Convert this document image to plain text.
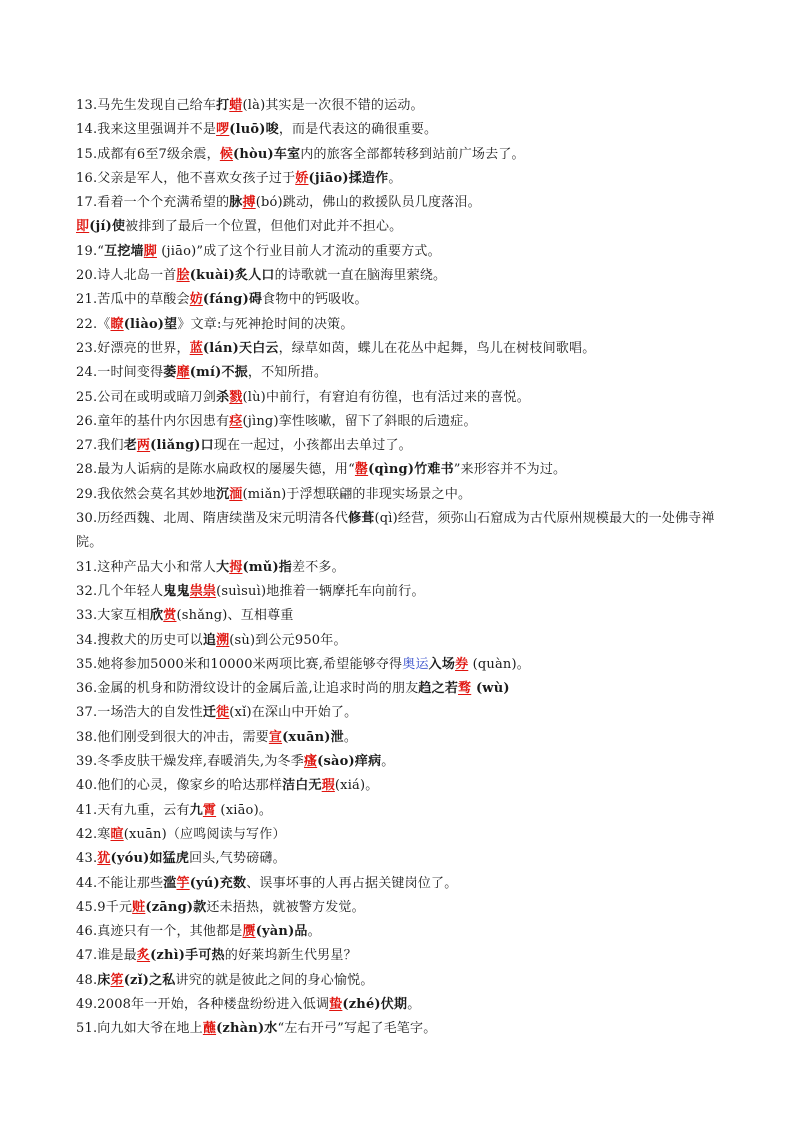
13.马先生发现自己给车打蜡(là)其实是一次很不错的运动。
14.我来这里强调并不是啰(luō)唆，而是代表这的确很重要。
15.成都有6至7级余震，候(hòu)车室内的旅客全部都转移到站前广场去了。
16.父亲是军人，他不喜欢女孩子过于娇(jiāo)揉造作。
17.看着一个个充满希望的脉搏(bó)跳动，佛山的救援队员几度落泪。
即(jí)使被排到了最后一个位置，但他们对此并不担心。
19.“互挖墙脚 (jiāo)”成了这个行业目前人才流动的重要方式。
20.诗人北岛一首脍(kuài)炙人口的诗歌就一直在脑海里萦绕。
21.苦瓜中的草酸会妨(fáng)碍食物中的钙吸收。
22.《瞭(liào)望》文章:与死神抢时间的决策。
23.好漂亮的世界，蓝(lán)天白云，绿草如茵，蝶儿在花丛中起舞，鸟儿在树枝间歌唱。
24.一时间变得萎靡(mí)不振，不知所措。
25.公司在或明或暗刀剑杀戮(lù)中前行，有窘迫有彷徨，也有活过来的喜悦。
26.童年的基什内尔因患有痉(jìng)挛性咳嗽，留下了斜眼的后遗症。
27.我们老两(liǎng)口现在一起过，小孩都出去单过了。
28.最为人诟病的是陈水扁政权的屡屡失德，用“罄(qìng)竹难书”来形容并不为过。
29.我依然会莫名其妙地沉湎(miǎn)于浮想联翩的非现实场景之中。
30.历经西魏、北周、隋唐续凿及宋元明清各代修葺(qì)经营，须弥山石窟成为古代原州规模最大的一处佛寺禅院。
31.这种产品大小和常人大拇(mǔ)指差不多。
32.几个年轻人鬼鬼祟祟(suìsuì)地推着一辆摩托车向前行。
33.大家互相欣赏(shǎng)、互相尊重
34.搜救犬的历史可以追溯(sù)到公元950年。
35.她将参加5000米和10000米两项比赛,希望能够夺得奥运入场券 (quàn)。
36.金属的机身和防滑纹设计的金属后盖,让追求时尚的朋友趋之若骛 (wù)
37.一场浩大的自发性迁徙(xǐ)在深山中开始了。
38.他们刚受到很大的冲击，需要宣(xuān)泄。
39.冬季皮肤干燥发痒,春暖消失,为冬季瘙(sào)痒病。
40.他们的心灵，像家乡的哈达那样洁白无瑕(xiá)。
41.天有九重，云有九霄 (xiāo)。
42.寒暄(xuān)（应鸣阅读与写作）
43.犹(yóu)如猛虎回头,气势磅礴。
44.不能让那些滥竽(yú)充数、误事坏事的人再占据关键岗位了。
45.9千元赃(zāng)款还未捂热，就被警方发觉。
46.真迹只有一个，其他都是赝(yàn)品。
47.谁是最炙(zhì)手可热的好莱坞新生代男星？
48.床笫(zǐ)之私讲究的就是彼此之间的身心愉悦。
49.2008年一开始，各种楼盘纷纷进入低调蛰(zhé)伏期。
51.向九如大爷在地上蘸(zhàn)水“左右开弓”写起了毛笔字。
